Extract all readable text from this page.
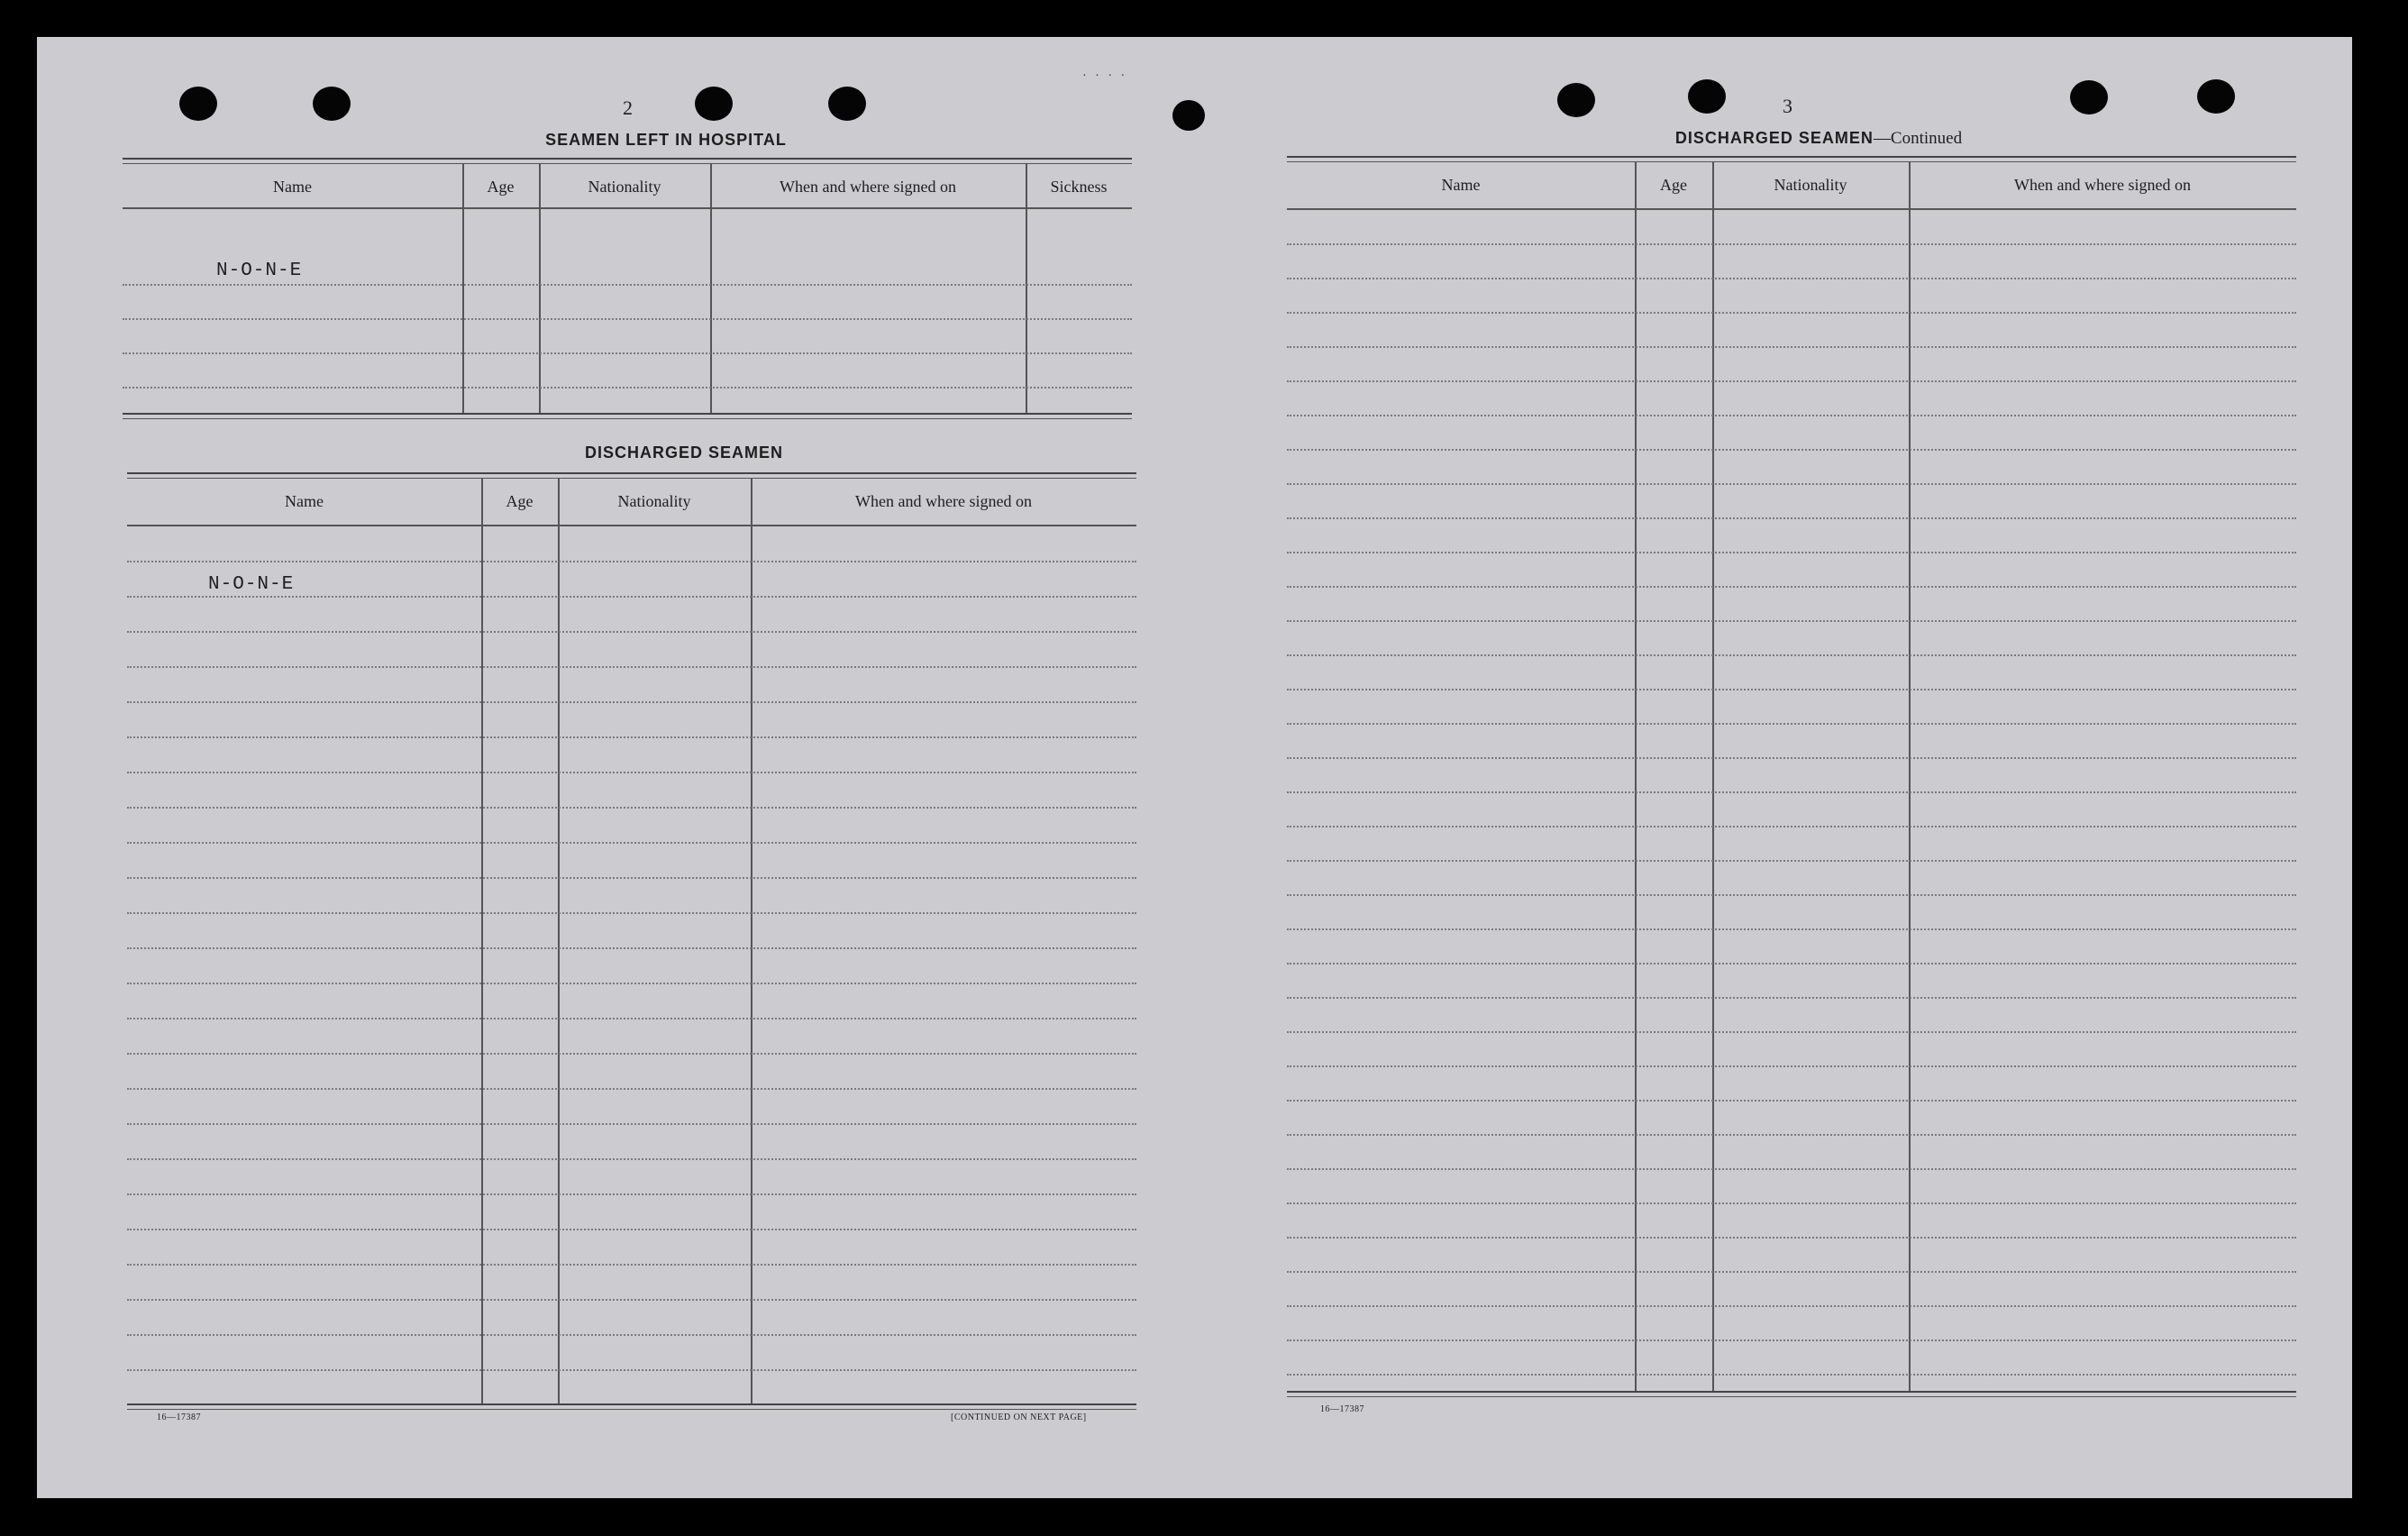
· · · ·
2
SEAMEN LEFT IN HOSPITAL
Name	Age	Nationality	When and where signed on	Sickness
N-O-N-E
DISCHARGED SEAMEN
Name	Age	Nationality	When and where signed on
N-O-N-E
16—17387	[CONTINUED ON NEXT PAGE]
3
DISCHARGED SEAMEN—Continued
Name	Age	Nationality	When and where signed on
16—17387
